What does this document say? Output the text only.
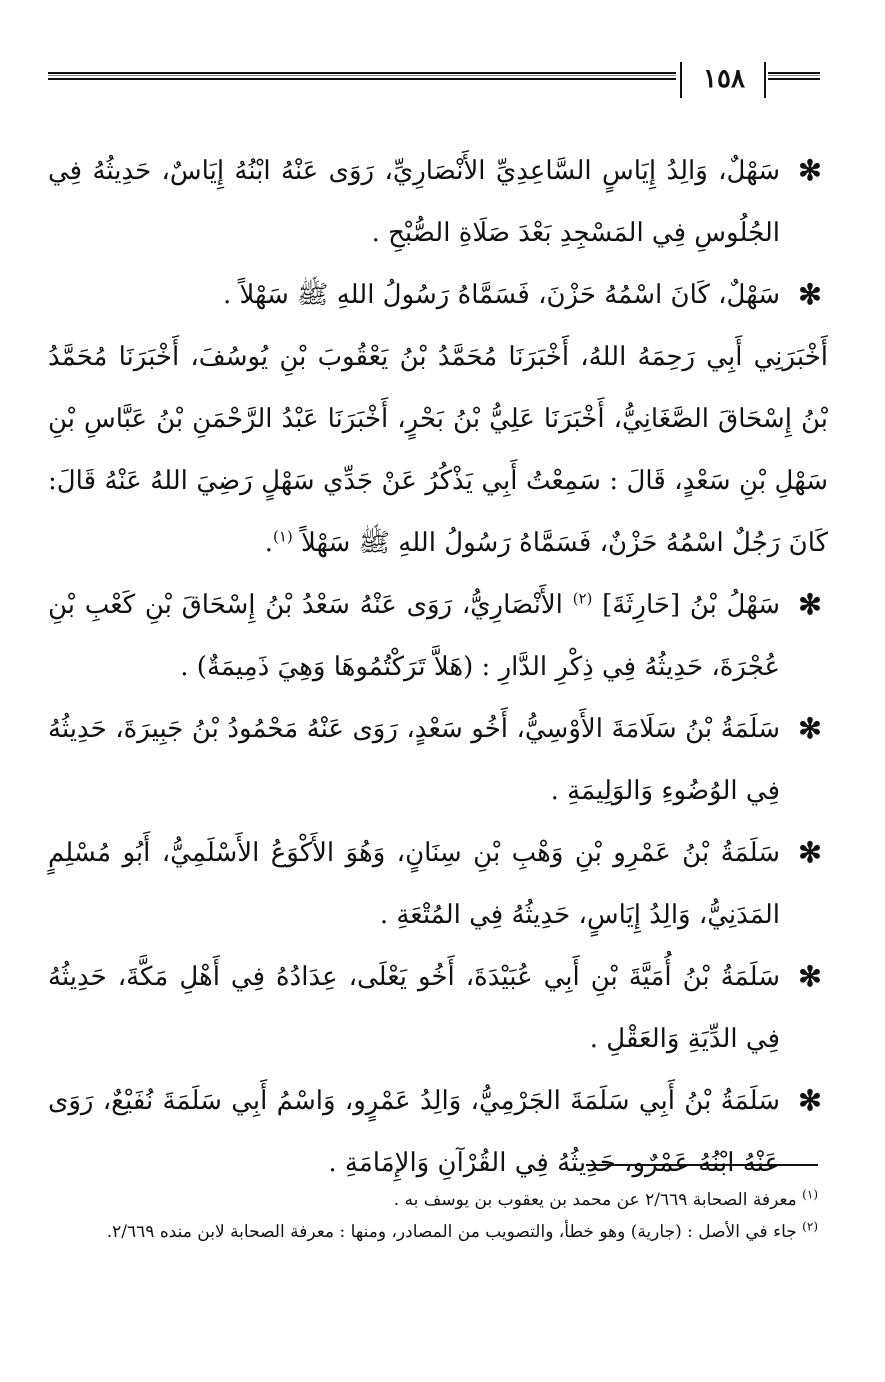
١٥٨

✻
سَهْلٌ، وَالِدُ إِيَاسٍ السَّاعِدِيِّ الأَنْصَارِيِّ، رَوَى عَنْهُ ابْنُهُ إِيَاسٌ، حَدِيثُهُ فِي الجُلُوسِ فِي المَسْجِدِ بَعْدَ صَلَاةِ الصُّبْحِ .

✻
سَهْلٌ، كَانَ اسْمُهُ حَزْنَ، فَسَمَّاهُ رَسُولُ اللهِ ﷺ سَهْلاً .

أَخْبَرَنِي أَبِي رَحِمَهُ اللهُ، أَخْبَرَنَا مُحَمَّدُ بْنُ يَعْقُوبَ بْنِ يُوسُفَ، أَخْبَرَنَا مُحَمَّدُ بْنُ إِسْحَاقَ الصَّغَانِيُّ، أَخْبَرَنَا عَلِيُّ بْنُ بَحْرٍ، أَخْبَرَنَا عَبْدُ الرَّحْمَنِ بْنُ عَبَّاسِ بْنِ سَهْلِ بْنِ سَعْدٍ، قَالَ : سَمِعْتُ أَبِي يَذْكُرُ عَنْ جَدِّي سَهْلٍ رَضِيَ اللهُ عَنْهُ قَالَ: كَانَ رَجُلٌ اسْمُهُ حَزْنٌ، فَسَمَّاهُ رَسُولُ اللهِ ﷺ سَهْلاً $^{(١)}$.

✻
سَهْلُ بْنُ [حَارِثَةَ] $^{(٢)}$ الأَنْصَارِيُّ، رَوَى عَنْهُ سَعْدُ بْنُ إِسْحَاقَ بْنِ كَعْبِ بْنِ عُجْرَةَ، حَدِيثُهُ فِي ذِكْرِ الدَّارِ : (هَلاَّ تَرَكْتُمُوهَا وَهِيَ ذَمِيمَةٌ) .

✻
سَلَمَةُ بْنُ سَلَامَةَ الأَوْسِيُّ، أَخُو سَعْدٍ، رَوَى عَنْهُ مَحْمُودُ بْنُ جَبِيرَةَ، حَدِيثُهُ فِي الوُضُوءِ وَالوَلِيمَةِ .

✻
سَلَمَةُ بْنُ عَمْرِو بْنِ وَهْبِ بْنِ سِنَانٍ، وَهُوَ الأَكْوَعُ الأَسْلَمِيُّ، أَبُو مُسْلِمٍ المَدَنِيُّ، وَالِدُ إِيَاسٍ، حَدِيثُهُ فِي المُتْعَةِ .

✻
سَلَمَةُ بْنُ أُمَيَّةَ بْنِ أَبِي عُبَيْدَةَ، أَخُو يَعْلَى، عِدَادُهُ فِي أَهْلِ مَكَّةَ، حَدِيثُهُ فِي الدِّيَةِ وَالعَقْلِ .

✻
سَلَمَةُ بْنُ أَبِي سَلَمَةَ الجَرْمِيُّ، وَالِدُ عَمْرٍو، وَاسْمُ أَبِي سَلَمَةَ نُفَيْعٌ، رَوَى عَنْهُ ابْنُهُ عَمْرٌو، حَدِيثُهُ فِي القُرْآنِ وَالإِمَامَةِ .

$^{(١)}$ معرفة الصحابة ٢/٦٦٩ عن محمد بن يعقوب بن يوسف به .

$^{(٢)}$ جاء في الأصل : (جارية) وهو خطأ، والتصويب من المصادر، ومنها : معرفة الصحابة لابن منده ٢/٦٦٩.
